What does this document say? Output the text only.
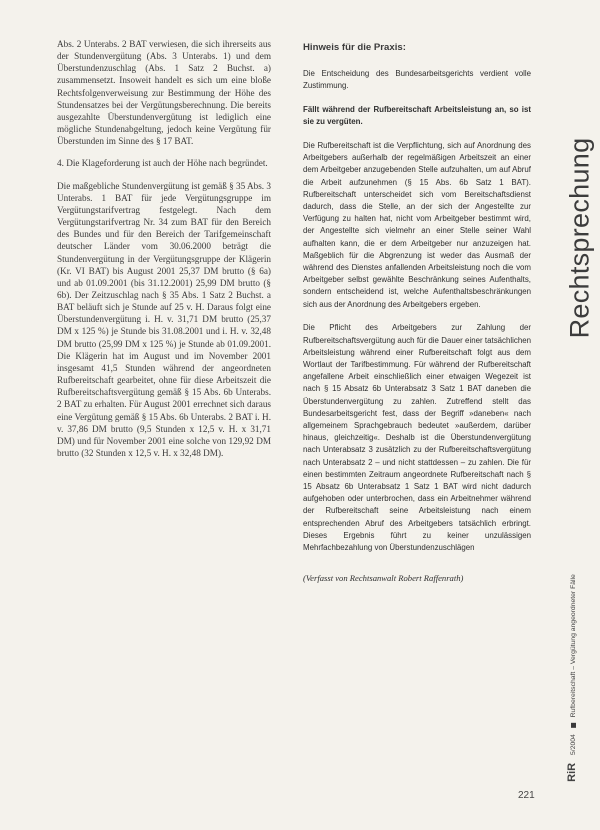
Abs. 2 Unterabs. 2 BAT verwiesen, die sich ihrerseits aus der Stundenvergütung (Abs. 3 Unterabs. 1) und dem Überstundenzuschlag (Abs. 1 Satz 2 Buchst. a) zusammensetzt. Insoweit handelt es sich um eine bloße Rechtsfolgenverweisung zur Bestimmung der Höhe des Stundensatzes bei der Vergütungsberechnung. Die bereits ausgezahlte Überstundenvergütung ist lediglich eine mögliche Stundenabgeltung, jedoch keine Vergütung für Überstunden im Sinne des § 17 BAT.

4. Die Klageforderung ist auch der Höhe nach begründet.

Die maßgebliche Stundenvergütung ist gemäß § 35 Abs. 3 Unterabs. 1 BAT für jede Vergütungsgruppe im Vergütungstarifvertrag festgelegt. Nach dem Vergütungstarifvertrag Nr. 34 zum BAT für den Bereich des Bundes und für den Bereich der Tarifgemeinschaft deutscher Länder vom 30.06.2000 beträgt die Stundenvergütung in der Vergütungsgruppe der Klägerin (Kr. VI BAT) bis August 2001 25,37 DM brutto (§ 6a) und ab 01.09.2001 (bis 31.12.2001) 25,99 DM brutto (§ 6b). Der Zeitzuschlag nach § 35 Abs. 1 Satz 2 Buchst. a BAT beläuft sich je Stunde auf 25 v. H. Daraus folgt eine Überstundenvergütung i. H. v. 31,71 DM brutto (25,37 DM x 125 %) je Stunde bis 31.08.2001 und i. H. v. 32,48 DM brutto (25,99 DM x 125 %) je Stunde ab 01.09.2001. Die Klägerin hat im August und im November 2001 insgesamt 41,5 Stunden während der angeordneten Rufbereitschaft gearbeitet, ohne für diese Arbeitszeit die Rufbereitschaftsvergütung gemäß § 15 Abs. 6b Unterabs. 2 BAT zu erhalten. Für August 2001 errechnet sich daraus eine Vergütung gemäß § 15 Abs. 6b Unterabs. 2 BAT i. H. v. 37,86 DM brutto (9,5 Stunden x 12,5 v. H. x 31,71 DM) und für November 2001 eine solche von 129,92 DM brutto (32 Stunden x 12,5 v. H. x 32,48 DM).

Hinweis für die Praxis:

Die Entscheidung des Bundesarbeitsgerichts verdient volle Zustimmung.

Fällt während der Rufbereitschaft Arbeitsleistung an, so ist sie zu vergüten.

Die Rufbereitschaft ist die Verpflichtung, sich auf Anordnung des Arbeitgebers außerhalb der regelmäßigen Arbeitszeit an einer dem Arbeitgeber anzugebenden Stelle aufzuhalten, um auf Abruf die Arbeit aufzunehmen (§ 15 Abs. 6b Satz 1 BAT). Rufbereitschaft unterscheidet sich vom Bereitschaftsdienst dadurch, dass die Stelle, an der sich der Angestellte zur Verfügung zu halten hat, nicht vom Arbeitgeber bestimmt wird, der Angestellte sich vielmehr an einer Stelle seiner Wahl aufhalten kann, die er dem Arbeitgeber nur anzuzeigen hat. Maßgeblich für die Abgrenzung ist weder das Ausmaß der während des Dienstes anfallenden Arbeitsleistung noch die vom Arbeitgeber selbst gewählte Beschränkung seines Aufenthalts, sondern entscheidend ist, welche Aufenthaltsbeschränkungen sich aus der Anordnung des Arbeitgebers ergeben.

Die Pflicht des Arbeitgebers zur Zahlung der Rufbereitschaftsvergütung auch für die Dauer einer tatsächlichen Arbeitsleistung während einer Rufbereitschaft folgt aus dem Wortlaut der Tarifbestimmung. Für während der Rufbereitschaft angefallene Arbeit einschließlich einer etwaigen Wegezeit ist nach § 15 Absatz 6b Unterabsatz 3 Satz 1 BAT daneben die Überstundenvergütung zu zahlen. Zutreffend stellt das Bundesarbeitsgericht fest, dass der Begriff »daneben« nach allgemeinem Sprachgebrauch bedeutet »außerdem, darüber hinaus, gleichzeitig«. Deshalb ist die Überstundenvergütung nach Unterabsatz 3 zusätzlich zu der Rufbereitschaftsvergütung nach Unterabsatz 2 – und nicht stattdessen – zu zahlen. Die für einen bestimmten Zeitraum angeordnete Rufbereitschaft nach § 15 Absatz 6b Unterabsatz 1 Satz 1 BAT wird nicht dadurch aufgehoben oder unterbrochen, dass ein Arbeitnehmer während der Rufbereitschaft seine Arbeitsleistung nach einem entsprechenden Abruf des Arbeitgebers tatsächlich erbringt. Dieses Ergebnis führt zu keiner unzulässigen Mehrfachbezahlung von Überstundenzuschlägen

(Verfasst von Rechtsanwalt Robert Raffenrath)

Rechtsprechung
RiR 5/2004  Rufbereitschaft – Vergütung angeordneter Fälle
221
